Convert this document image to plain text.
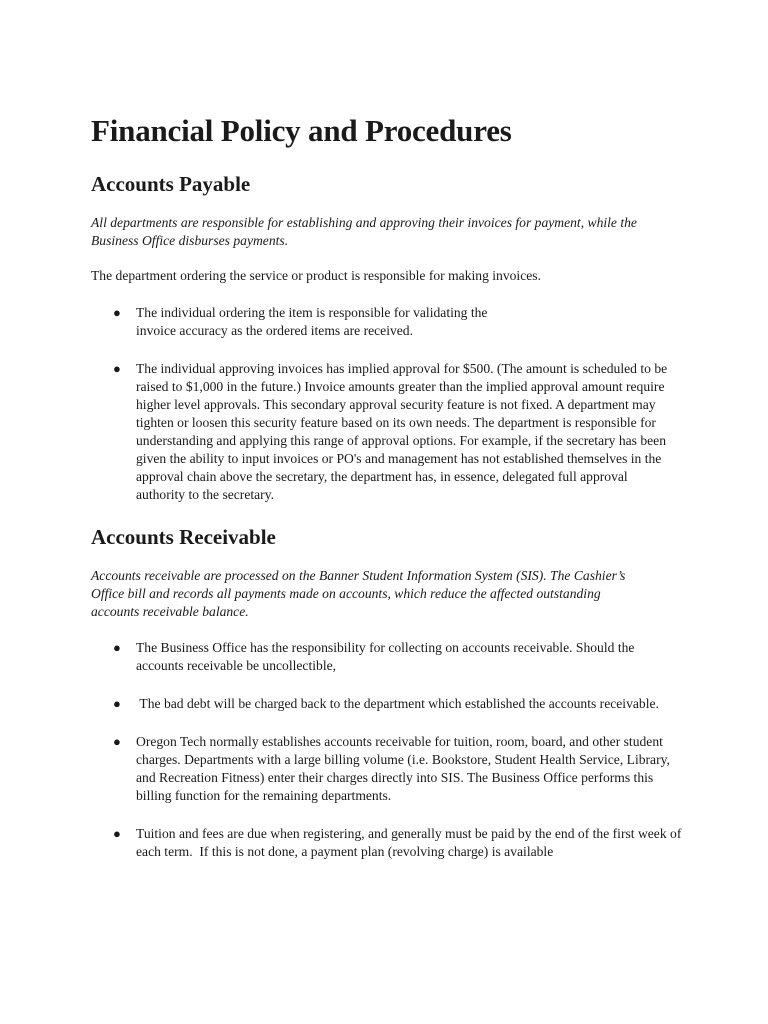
Financial Policy and Procedures
Accounts Payable

All departments are responsible for establishing and approving their invoices for payment, while the Business Office disburses payments.

The department ordering the service or product is responsible for making invoices.

● The individual ordering the item is responsible for validating the invoice accuracy as the ordered items are received.
● The individual approving invoices has implied approval for $500. (The amount is scheduled to be raised to $1,000 in the future.) Invoice amounts greater than the implied approval amount require higher level approvals. This secondary approval security feature is not fixed. A department may tighten or loosen this security feature based on its own needs. The department is responsible for understanding and applying this range of approval options. For example, if the secretary has been given the ability to input invoices or PO's and management has not established themselves in the approval chain above the secretary, the department has, in essence, delegated full approval authority to the secretary.
Accounts Receivable

Accounts receivable are processed on the Banner Student Information System (SIS). The Cashier’s Office bill and records all payments made on accounts, which reduce the affected outstanding accounts receivable balance.

● The Business Office has the responsibility for collecting on accounts receivable. Should the accounts receivable be uncollectible,
● The bad debt will be charged back to the department which established the accounts receivable.
● Oregon Tech normally establishes accounts receivable for tuition, room, board, and other student charges. Departments with a large billing volume (i.e. Bookstore, Student Health Service, Library, and Recreation Fitness) enter their charges directly into SIS. The Business Office performs this billing function for the remaining departments.
● Tuition and fees are due when registering, and generally must be paid by the end of the first week of each term.  If this is not done, a payment plan (revolving charge) is available
